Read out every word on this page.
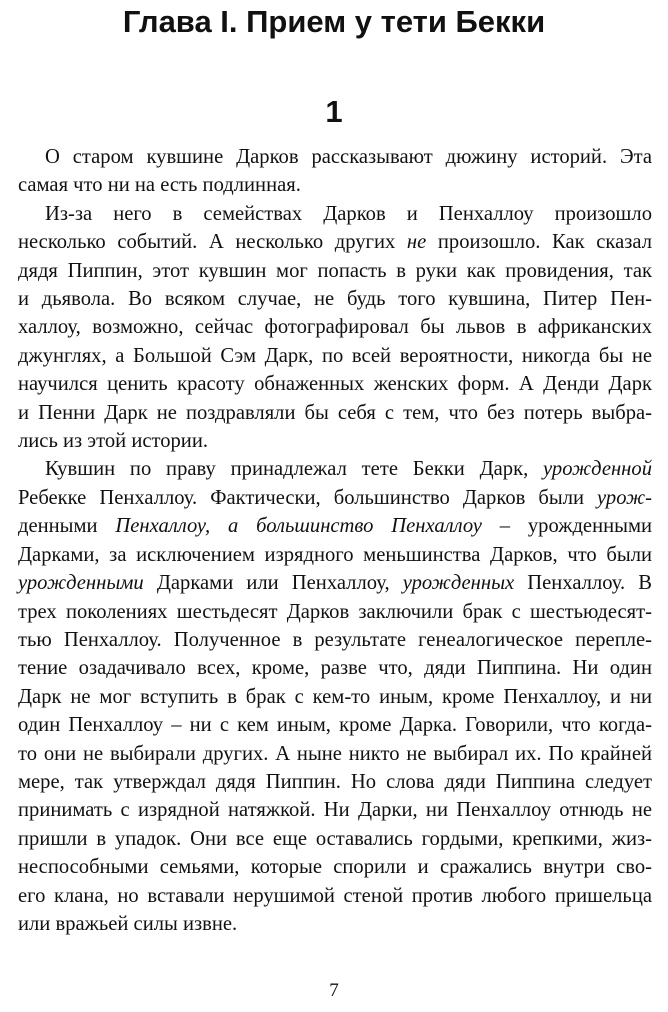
Глава I. Прием у тети Бекки
1
О старом кувшине Дарков рассказывают дюжину историй. Эта
самая что ни на есть подлинная.
Из-за него в семействах Дарков и Пенхаллоу произошло
несколько событий. А несколько других не произошло. Как сказал
дядя Пиппин, этот кувшин мог попасть в руки как провидения, так
и дьявола. Во всяком случае, не будь того кувшина, Питер Пен-
халлоу, возможно, сейчас фотографировал бы львов в африканских
джунглях, а Большой Сэм Дарк, по всей вероятности, никогда бы не
научился ценить красоту обнаженных женских форм. А Денди Дарк
и Пенни Дарк не поздравляли бы себя с тем, что без потерь выбра-
лись из этой истории.
Кувшин по праву принадлежал тете Бекки Дарк, урожденной
Ребекке Пенхаллоу. Фактически, большинство Дарков были урож-
денными Пенхаллоу, а большинство Пенхаллоу – урожденными
Дарками, за исключением изрядного меньшинства Дарков, что были
урожденными Дарками или Пенхаллоу, урожденных Пенхаллоу. В
трех поколениях шестьдесят Дарков заключили брак с шестьюдесят-
тью Пенхаллоу. Полученное в результате генеалогическое перепле-
тение озадачивало всех, кроме, разве что, дяди Пиппина. Ни один
Дарк не мог вступить в брак с кем-то иным, кроме Пенхаллоу, и ни
один Пенхаллоу – ни с кем иным, кроме Дарка. Говорили, что когда-
то они не выбирали других. А ныне никто не выбирал их. По крайней
мере, так утверждал дядя Пиппин. Но слова дяди Пиппина следует
принимать с изрядной натяжкой. Ни Дарки, ни Пенхаллоу отнюдь не
пришли в упадок. Они все еще оставались гордыми, крепкими, жиз-
неспособными семьями, которые спорили и сражались внутри сво-
его клана, но вставали нерушимой стеной против любого пришельца
или вражьей силы извне.
7
